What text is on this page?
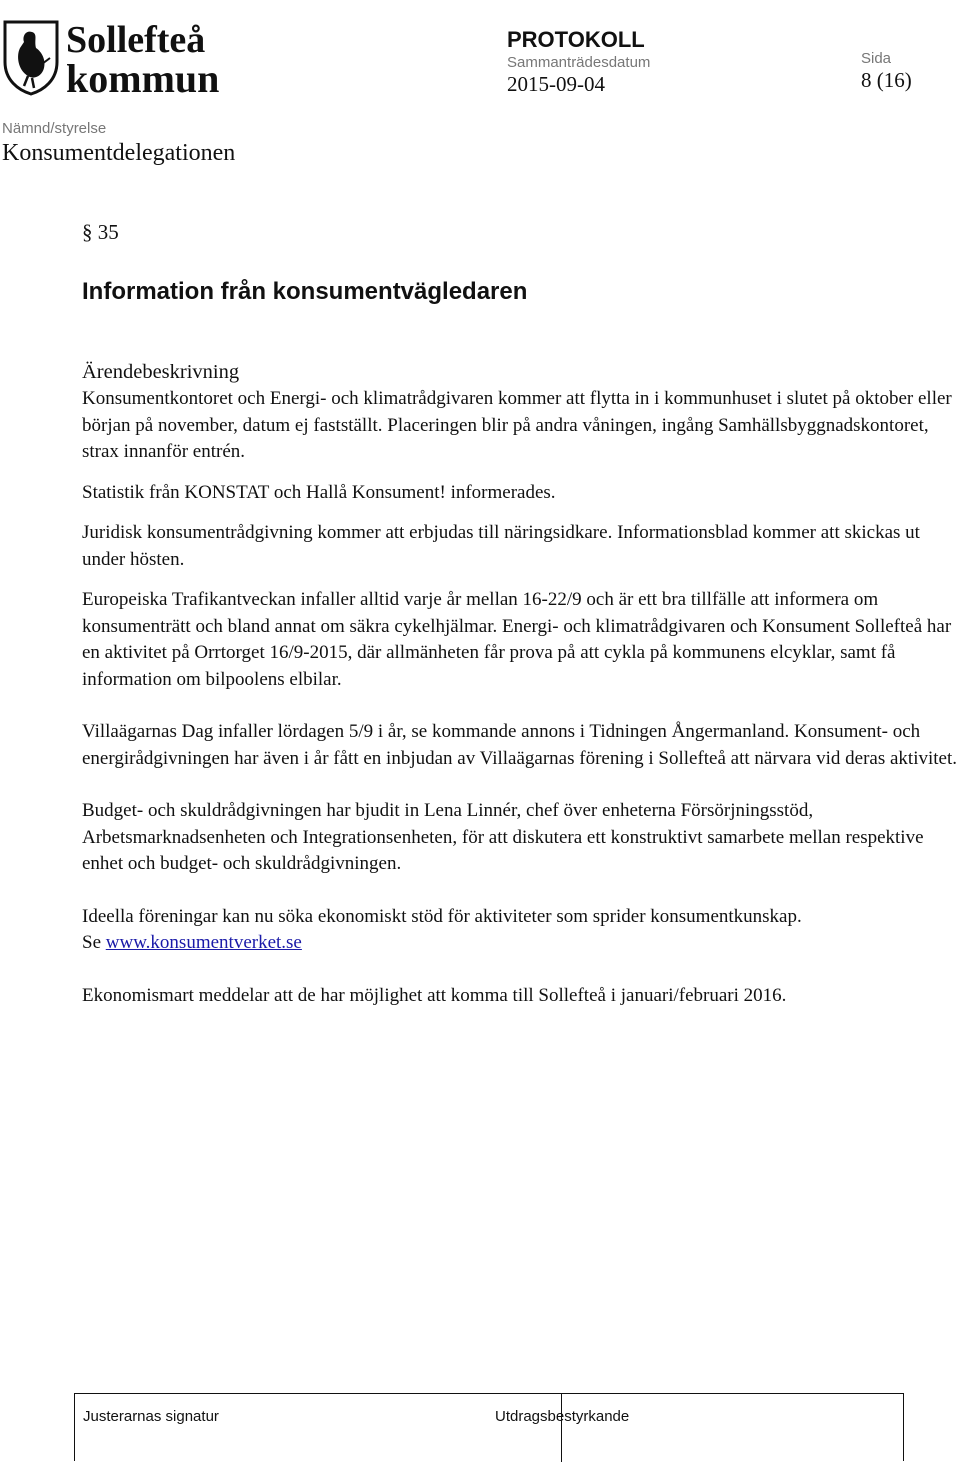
Sollefteå
kommun
PROTOKOLL
Sammanträdesdatum
2015-09-04
Sida
8 (16)
Nämnd/styrelse
Konsumentdelegationen
§ 35
Information från konsumentvägledaren
Ärendebeskrivning

Konsumentkontoret och Energi- och klimatrådgivaren kommer att flytta in i kommunhuset i slutet på oktober eller början på november, datum ej fastställt. Placeringen blir på andra våningen, ingång Samhällsbyggnadskontoret, strax innanför entrén.

Statistik från KONSTAT och Hallå Konsument! informerades.

Juridisk konsumentrådgivning kommer att erbjudas till näringsidkare. Informationsblad kommer att skickas ut under hösten.

Europeiska Trafikantveckan infaller alltid varje år mellan 16-22/9 och är ett bra tillfälle att informera om konsumenträtt och bland annat om säkra cykelhjälmar. Energi- och klimatrådgivaren och Konsument Sollefteå har en aktivitet på Orrtorget 16/9-2015, där allmänheten får prova på att cykla på kommunens elcyklar, samt få information om bilpoolens elbilar.

Villaägarnas Dag infaller lördagen 5/9 i år, se kommande annons i Tidningen Ångermanland. Konsument- och energirådgivningen har även i år fått en inbjudan av Villaägarnas förening i Sollefteå att närvara vid deras aktivitet.

Budget- och skuldrådgivningen har bjudit in Lena Linnér, chef över enheterna Försörjningsstöd, Arbetsmarknadsenheten och Integrationsenheten, för att diskutera ett konstruktivt samarbete mellan respektive enhet och budget- och skuldrådgivningen.

Ideella föreningar kan nu söka ekonomiskt stöd för aktiviteter som sprider konsumentkunskap.
Se www.konsumentverket.se

Ekonomismart meddelar att de har möjlighet att komma till Sollefteå i januari/februari 2016.

Justerarnas signatur	Utdragsbestyrkande
